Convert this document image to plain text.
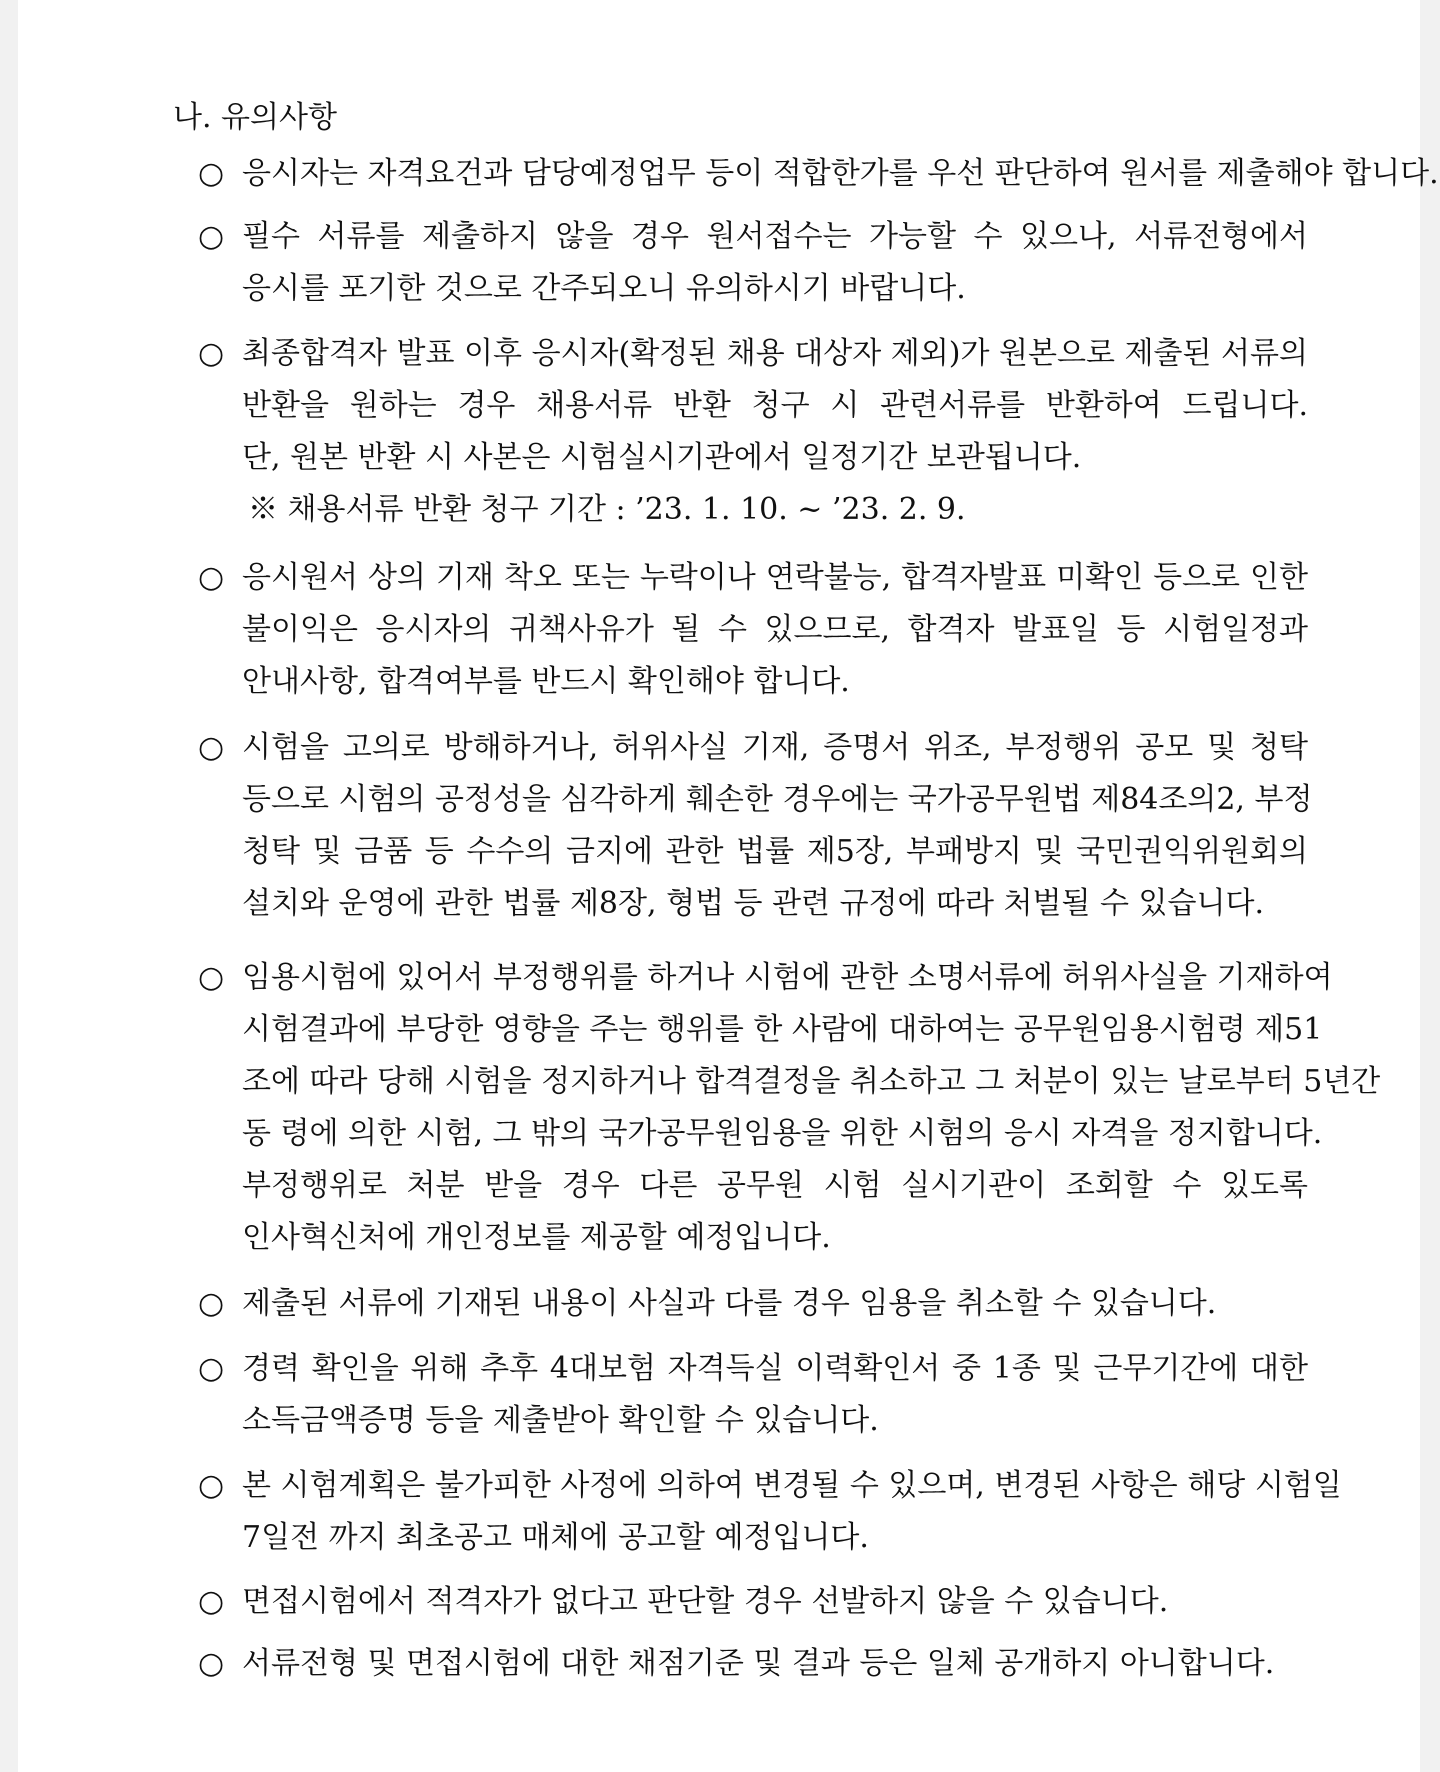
나. 유의사항
○ 응시자는 자격요건과 담당예정업무 등이 적합한가를 우선 판단하여 원서를 제출해야 합니다.
○ 필수 서류를 제출하지 않을 경우 원서접수는 가능할 수 있으나, 서류전형에서
응시를 포기한 것으로 간주되오니 유의하시기 바랍니다.
○ 최종합격자 발표 이후 응시자(확정된 채용 대상자 제외)가 원본으로 제출된 서류의
반환을 원하는 경우 채용서류 반환 청구 시 관련서류를 반환하여 드립니다.
단, 원본 반환 시 사본은 시험실시기관에서 일정기간 보관됩니다.
※ 채용서류 반환 청구 기간 : ’23. 1. 10. ~ ’23. 2. 9.
○ 응시원서 상의 기재 착오 또는 누락이나 연락불능, 합격자발표 미확인 등으로 인한
불이익은 응시자의 귀책사유가 될 수 있으므로, 합격자 발표일 등 시험일정과
안내사항, 합격여부를 반드시 확인해야 합니다.
○ 시험을 고의로 방해하거나, 허위사실 기재, 증명서 위조, 부정행위 공모 및 청탁
등으로 시험의 공정성을 심각하게 훼손한 경우에는 국가공무원법 제84조의2, 부정
청탁 및 금품 등 수수의 금지에 관한 법률 제5장, 부패방지 및 국민권익위원회의
설치와 운영에 관한 법률 제8장, 형법 등 관련 규정에 따라 처벌될 수 있습니다.
○ 임용시험에 있어서 부정행위를 하거나 시험에 관한 소명서류에 허위사실을 기재하여
시험결과에 부당한 영향을 주는 행위를 한 사람에 대하여는 공무원임용시험령 제51
조에 따라 당해 시험을 정지하거나 합격결정을 취소하고 그 처분이 있는 날로부터 5년간
동 령에 의한 시험, 그 밖의 국가공무원임용을 위한 시험의 응시 자격을 정지합니다.
부정행위로 처분 받을 경우 다른 공무원 시험 실시기관이 조회할 수 있도록
인사혁신처에 개인정보를 제공할 예정입니다.
○ 제출된 서류에 기재된 내용이 사실과 다를 경우 임용을 취소할 수 있습니다.
○ 경력 확인을 위해 추후 4대보험 자격득실 이력확인서 중 1종 및 근무기간에 대한
소득금액증명 등을 제출받아 확인할 수 있습니다.
○ 본 시험계획은 불가피한 사정에 의하여 변경될 수 있으며, 변경된 사항은 해당 시험일
7일전 까지 최초공고 매체에 공고할 예정입니다.
○ 면접시험에서 적격자가 없다고 판단할 경우 선발하지 않을 수 있습니다.
○ 서류전형 및 면접시험에 대한 채점기준 및 결과 등은 일체 공개하지 아니합니다.
